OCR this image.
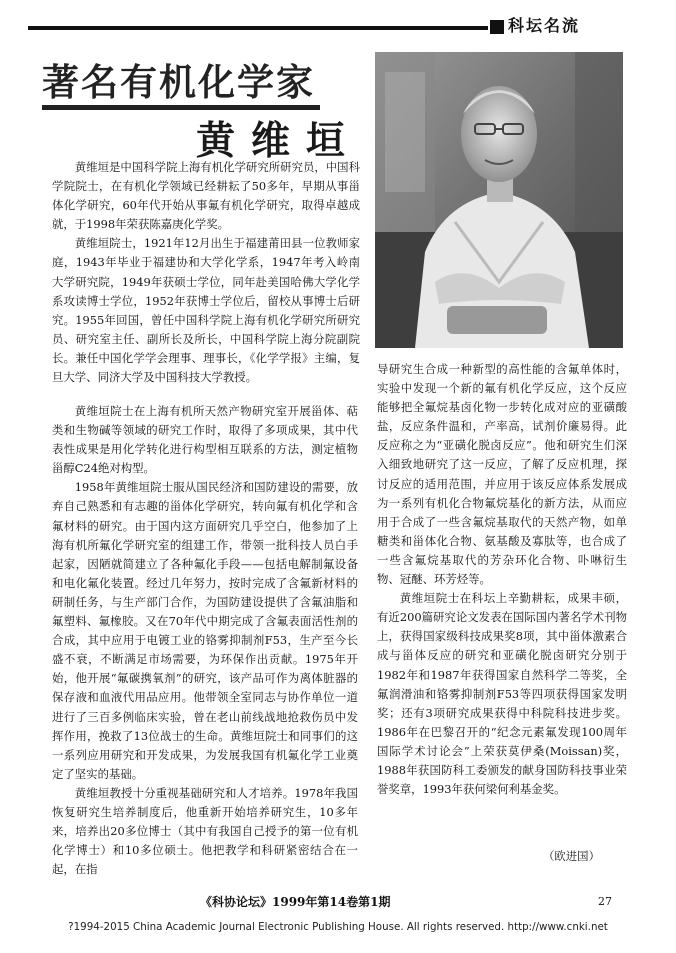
科坛名流
著名有机化学家
黄维垣

黄维垣是中国科学院上海有机化学研究所研究员，中国科学院院士，在有机化学领域已经耕耘了50多年，早期从事甾体化学研究，60年代开始从事氟有机化学研究，取得卓越成就，于1998年荣获陈嘉庚化学奖。

黄维垣院士，1921年12月出生于福建莆田县一位教师家庭，1943年毕业于福建协和大学化学系，1947年考入岭南大学研究院，1949年获硕士学位，同年赴美国哈佛大学化学系攻读博士学位，1952年获博士学位后，留校从事博士后研究。1955年回国，曾任中国科学院上海有机化学研究所研究员、研究室主任、副所长及所长，中国科学院上海分院副院长。兼任中国化学学会理事、理事长，《化学学报》主编，复旦大学、同济大学及中国科技大学教授。

黄维垣院士在上海有机所天然产物研究室开展甾体、萜类和生物碱等领域的研究工作时，取得了多项成果，其中代表性成果是用化学转化进行构型相互联系的方法，测定植物甾醇C24绝对构型。

1958年黄维垣院士服从国民经济和国防建设的需要，放弃自己熟悉和有志趣的甾体化学研究，转向氟有机化学和含氟材料的研究。由于国内这方面研究几乎空白，他参加了上海有机所氟化学研究室的组建工作，带领一批科技人员白手起家，因陋就简建立了各种氟化手段——包括电解制氟设备和电化氟化装置。经过几年努力，按时完成了含氟新材料的研制任务，与生产部门合作，为国防建设提供了含氟油脂和氟塑料、氟橡胶。又在70年代中期完成了含氟表面活性剂的合成，其中应用于电镀工业的铬雾抑制剂F53，生产至今长盛不衰，不断满足市场需要，为环保作出贡献。1975年开始，他开展“氟碳携氧剂”的研究，该产品可作为离体脏器的保存液和血液代用品应用。他带领全室同志与协作单位一道进行了三百多例临床实验，曾在老山前线战地抢救伤员中发挥作用，挽救了13位战士的生命。黄维垣院士和同事们的这一系列应用研究和开发成果，为发展我国有机氟化学工业奠定了坚实的基础。

黄维垣教授十分重视基础研究和人才培养。1978年我国恢复研究生培养制度后，他重新开始培养研究生，10多年来，培养出20多位博士（其中有我国自己授予的第一位有机化学博士）和10多位硕士。他把教学和科研紧密结合在一起，在指

导研究生合成一种新型的高性能的含氟单体时，实验中发现一个新的氟有机化学反应，这个反应能够把全氟烷基卤化物一步转化成对应的亚磺酸盐，反应条件温和，产率高，试剂价廉易得。此反应称之为“亚磺化脱卤反应”。他和研究生们深入细致地研究了这一反应，了解了反应机理，探讨反应的适用范围，并应用于该反应体系发展成为一系列有机化合物氟烷基化的新方法，从而应用于合成了一些含氟烷基取代的天然产物，如单糖类和甾体化合物、氨基酸及寡肽等，也合成了一些含氟烷基取代的芳杂环化合物、卟啉衍生物、冠醚、环芳烃等。

黄维垣院士在科坛上辛勤耕耘，成果丰硕，有近200篇研究论文发表在国际国内著名学术刊物上，获得国家级科技成果奖8项，其中甾体激素合成与甾体反应的研究和亚磺化脱卤研究分别于1982年和1987年获得国家自然科学二等奖，全氟润滑油和铬雾抑制剂F53等四项获得国家发明奖；还有3项研究成果获得中科院科技进步奖。1986年在巴黎召开的“纪念元素氟发现100周年国际学术讨论会”上荣获莫伊桑(Moissan)奖，1988年获国防科工委颁发的献身国防科技事业荣誉奖章，1993年获何梁何利基金奖。

（欧进国）
《科协论坛》1999年第14卷第1期	27
?1994-2015 China Academic Journal Electronic Publishing House. All rights reserved. http://www.cnki.net
